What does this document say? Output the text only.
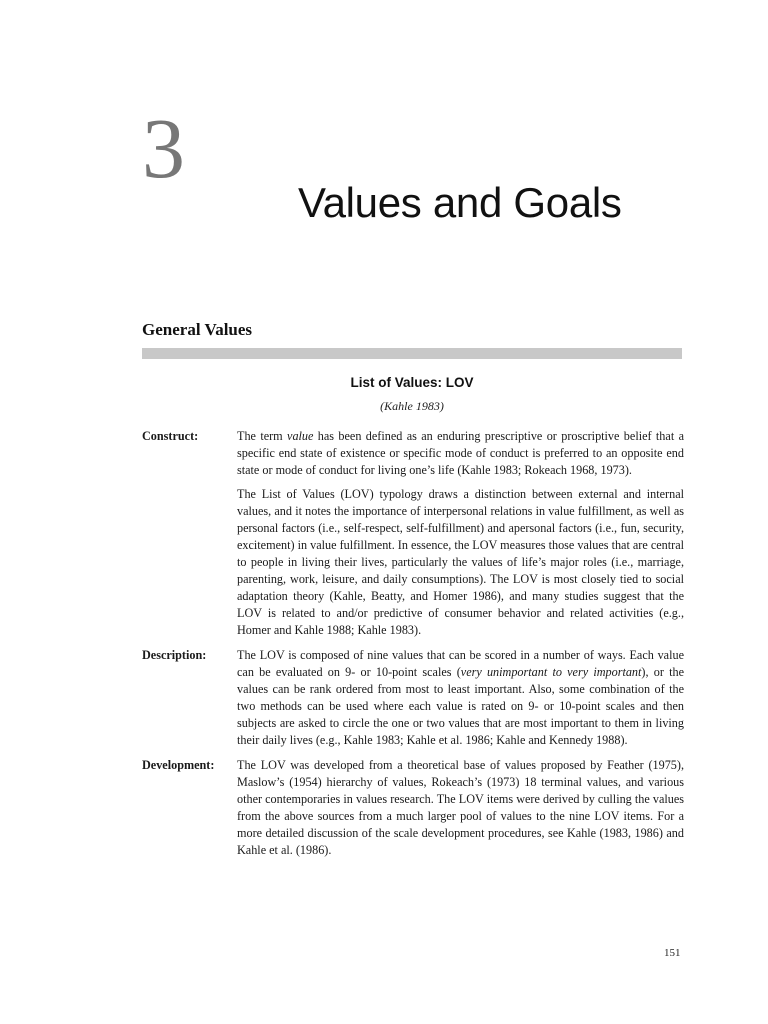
3
Values and Goals
General Values
List of Values: LOV
(Kahle 1983)
Construct:	The term value has been defined as an enduring prescriptive or proscriptive belief that a specific end state of existence or specific mode of conduct is preferred to an opposite end state or mode of conduct for living one’s life (Kahle 1983; Rokeach 1968, 1973).

The List of Values (LOV) typology draws a distinction between external and internal values, and it notes the importance of interpersonal relations in value fulfillment, as well as personal factors (i.e., self-respect, self-fulfillment) and apersonal factors (i.e., fun, security, excitement) in value fulfillment. In essence, the LOV measures those values that are central to people in living their lives, particularly the values of life’s major roles (i.e., marriage, parenting, work, leisure, and daily consumptions). The LOV is most closely tied to social adaptation theory (Kahle, Beatty, and Homer 1986), and many studies suggest that the LOV is related to and/or predictive of consumer behavior and related activities (e.g., Homer and Kahle 1988; Kahle 1983).

Description:	The LOV is composed of nine values that can be scored in a number of ways. Each value can be evaluated on 9- or 10-point scales (very unimportant to very important), or the values can be rank ordered from most to least important. Also, some combination of the two methods can be used where each value is rated on 9- or 10-point scales and then subjects are asked to circle the one or two values that are most important to them in living their daily lives (e.g., Kahle 1983; Kahle et al. 1986; Kahle and Kennedy 1988).

Development:	The LOV was developed from a theoretical base of values proposed by Feather (1975), Maslow’s (1954) hierarchy of values, Rokeach’s (1973) 18 terminal values, and various other contemporaries in values research. The LOV items were derived by culling the values from the above sources from a much larger pool of values to the nine LOV items. For a more detailed discussion of the scale development procedures, see Kahle (1983, 1986) and Kahle et al. (1986).

151
